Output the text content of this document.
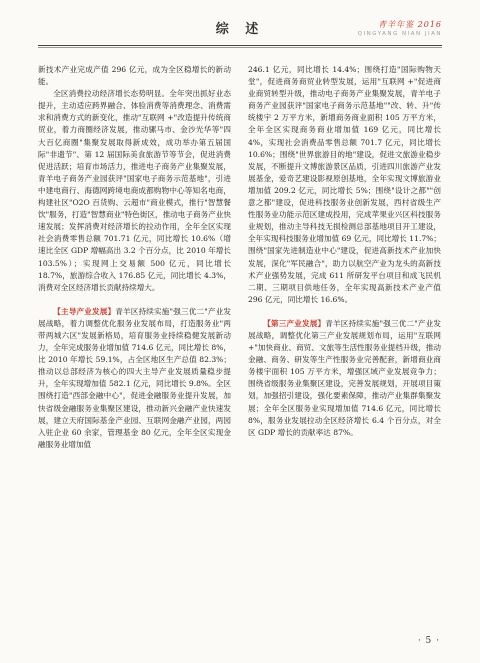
综 述	青羊年鉴 2016
QINGYANG NIAN JIAN

新技术产业完成产值 296 亿元，成为全区稳增长的新动能。

全区消费拉动经济增长态势明显。全年突出抓好业态提升，主动适应跨界融合、体验消费等消费理念、消费需求和消费方式的新变化，推动"互联网 +"改造提升传统商贸业，着力商圈经济发展，推动骡马市、金沙光华等"四大百亿商圈"集聚发展取得新成效，成功举办第五届国际"非遗节"、第 12 届国际美食旅游节等节会，促进消费促进活跃；培育市场活力，推进电子商务产业集聚发展，青羊电子商务产业园获评"国家电子商务示范基地"，引进中建电商行、海德网跨境电商成都购物中心等知名电商，构建社区"O2O 百货购、云超市"商业模式，推行"智慧餐饮"服务，打造"智慧商业"特色街区，推动电子商务产业快速发展；发挥消费对经济增长的拉动作用，全年全区实现社会消费零售总额 701.71 亿元，同比增长 10.6%（增速比全区 GDP 增幅高出 3.2 个百分点，比 2010 年增长 103.5%）；实现网上交易额 500 亿元，同比增长 18.7%，旅游综合收入 176.85 亿元，同比增长 4.3%，消费对全区经济增长贡献持续增大。

【主导产业发展】青羊区持续实施"强三优二"产业发展战略，着力调整优化服务业发展布局，打造服务业"两带两城六区"发展新格局，培育服务业持续稳健发展新动力，全年完成服务业增加值 714.6 亿元，同比增长 8%，比 2010 年增长 59.1%，占全区地区生产总值 82.3%；推动以总部经济为核心的四大主导产业发展质量稳步提升，全年实现增加值 582.1 亿元，同比增长 9.8%。全区围绕打造"西部金融中心"，促进金融服务业提升发展，加快省级金融服务业集聚区建设，推动新兴金融产业快速发展，建立天府国际基金产业园、互联网金融产业园，两园入驻企业 60 余家，管理基金 80 亿元，全年全区实现金融服务业增加值

246.1 亿元，同比增长 14.4%；围绕打造"国际购物天堂"，促进商务商贸业转型发展，运用"互联网 +"促进商业商贸转型升级，推动电子商务产业集聚发展，青羊电子商务产业园获评"国家电子商务示范基地""改、转、升"传统楼宇 2 万平方米，新增商务商业面积 105 万平方米，全年全区实现商务商业增加值 169 亿元，同比增长 4%，实现社会消费品零售总额 701.7 亿元，同比增长 10.6%；围绕"世界旅游目的地"建设，促进文旅游业稳步发展，不断提升文博旅游景区品质，引进四川旅游产业发展基金，爱奇艺建设影视原创基地，全年实现文博旅游业增加值 209.2 亿元，同比增长 5%；围绕"设计之都""创意之都"建设，促进科技服务业创新发展，西村省级生产性服务业功能示范区建成投用，完成苹果业兴区科技服务业规划，推动主导科技无损检测总部基地项目开工建设，全年实现科技服务业增加值 69 亿元，同比增长 11.7%；围绕"国家先进制造业中心"建设，促进高新技术产业加快发展，深化"军民融合"，助力以航空产业为龙头的高新技术产业强势发展，完成 611 所研发平台项目和成飞民机二期、三期项目供地任务，全年实现高新技术产业产值 296 亿元，同比增长 16.6%。

【第三产业发展】青羊区持续实施"强三优二"产业发展战略，调整优化第三产业发展规划布局，运用"互联网 +"加快商业、商贸、文旅等生活性服务业提档升级，推动金融、商务、研发等生产性服务业完善配套，新增商业商务楼宇面积 105 万平方米，增强区域产业发展竞争力；围绕省级服务业集聚区建设，完善发展规划，开展项目策划，加强招引建设，强化要素保障，推动产业集群集聚发展；全年全区服务业实现增加值 714.6 亿元，同比增长 8%，服务业发展拉动全区经济增长 6.4 个百分点，对全区 GDP 增长的贡献率达 87%。

· 5 ·
